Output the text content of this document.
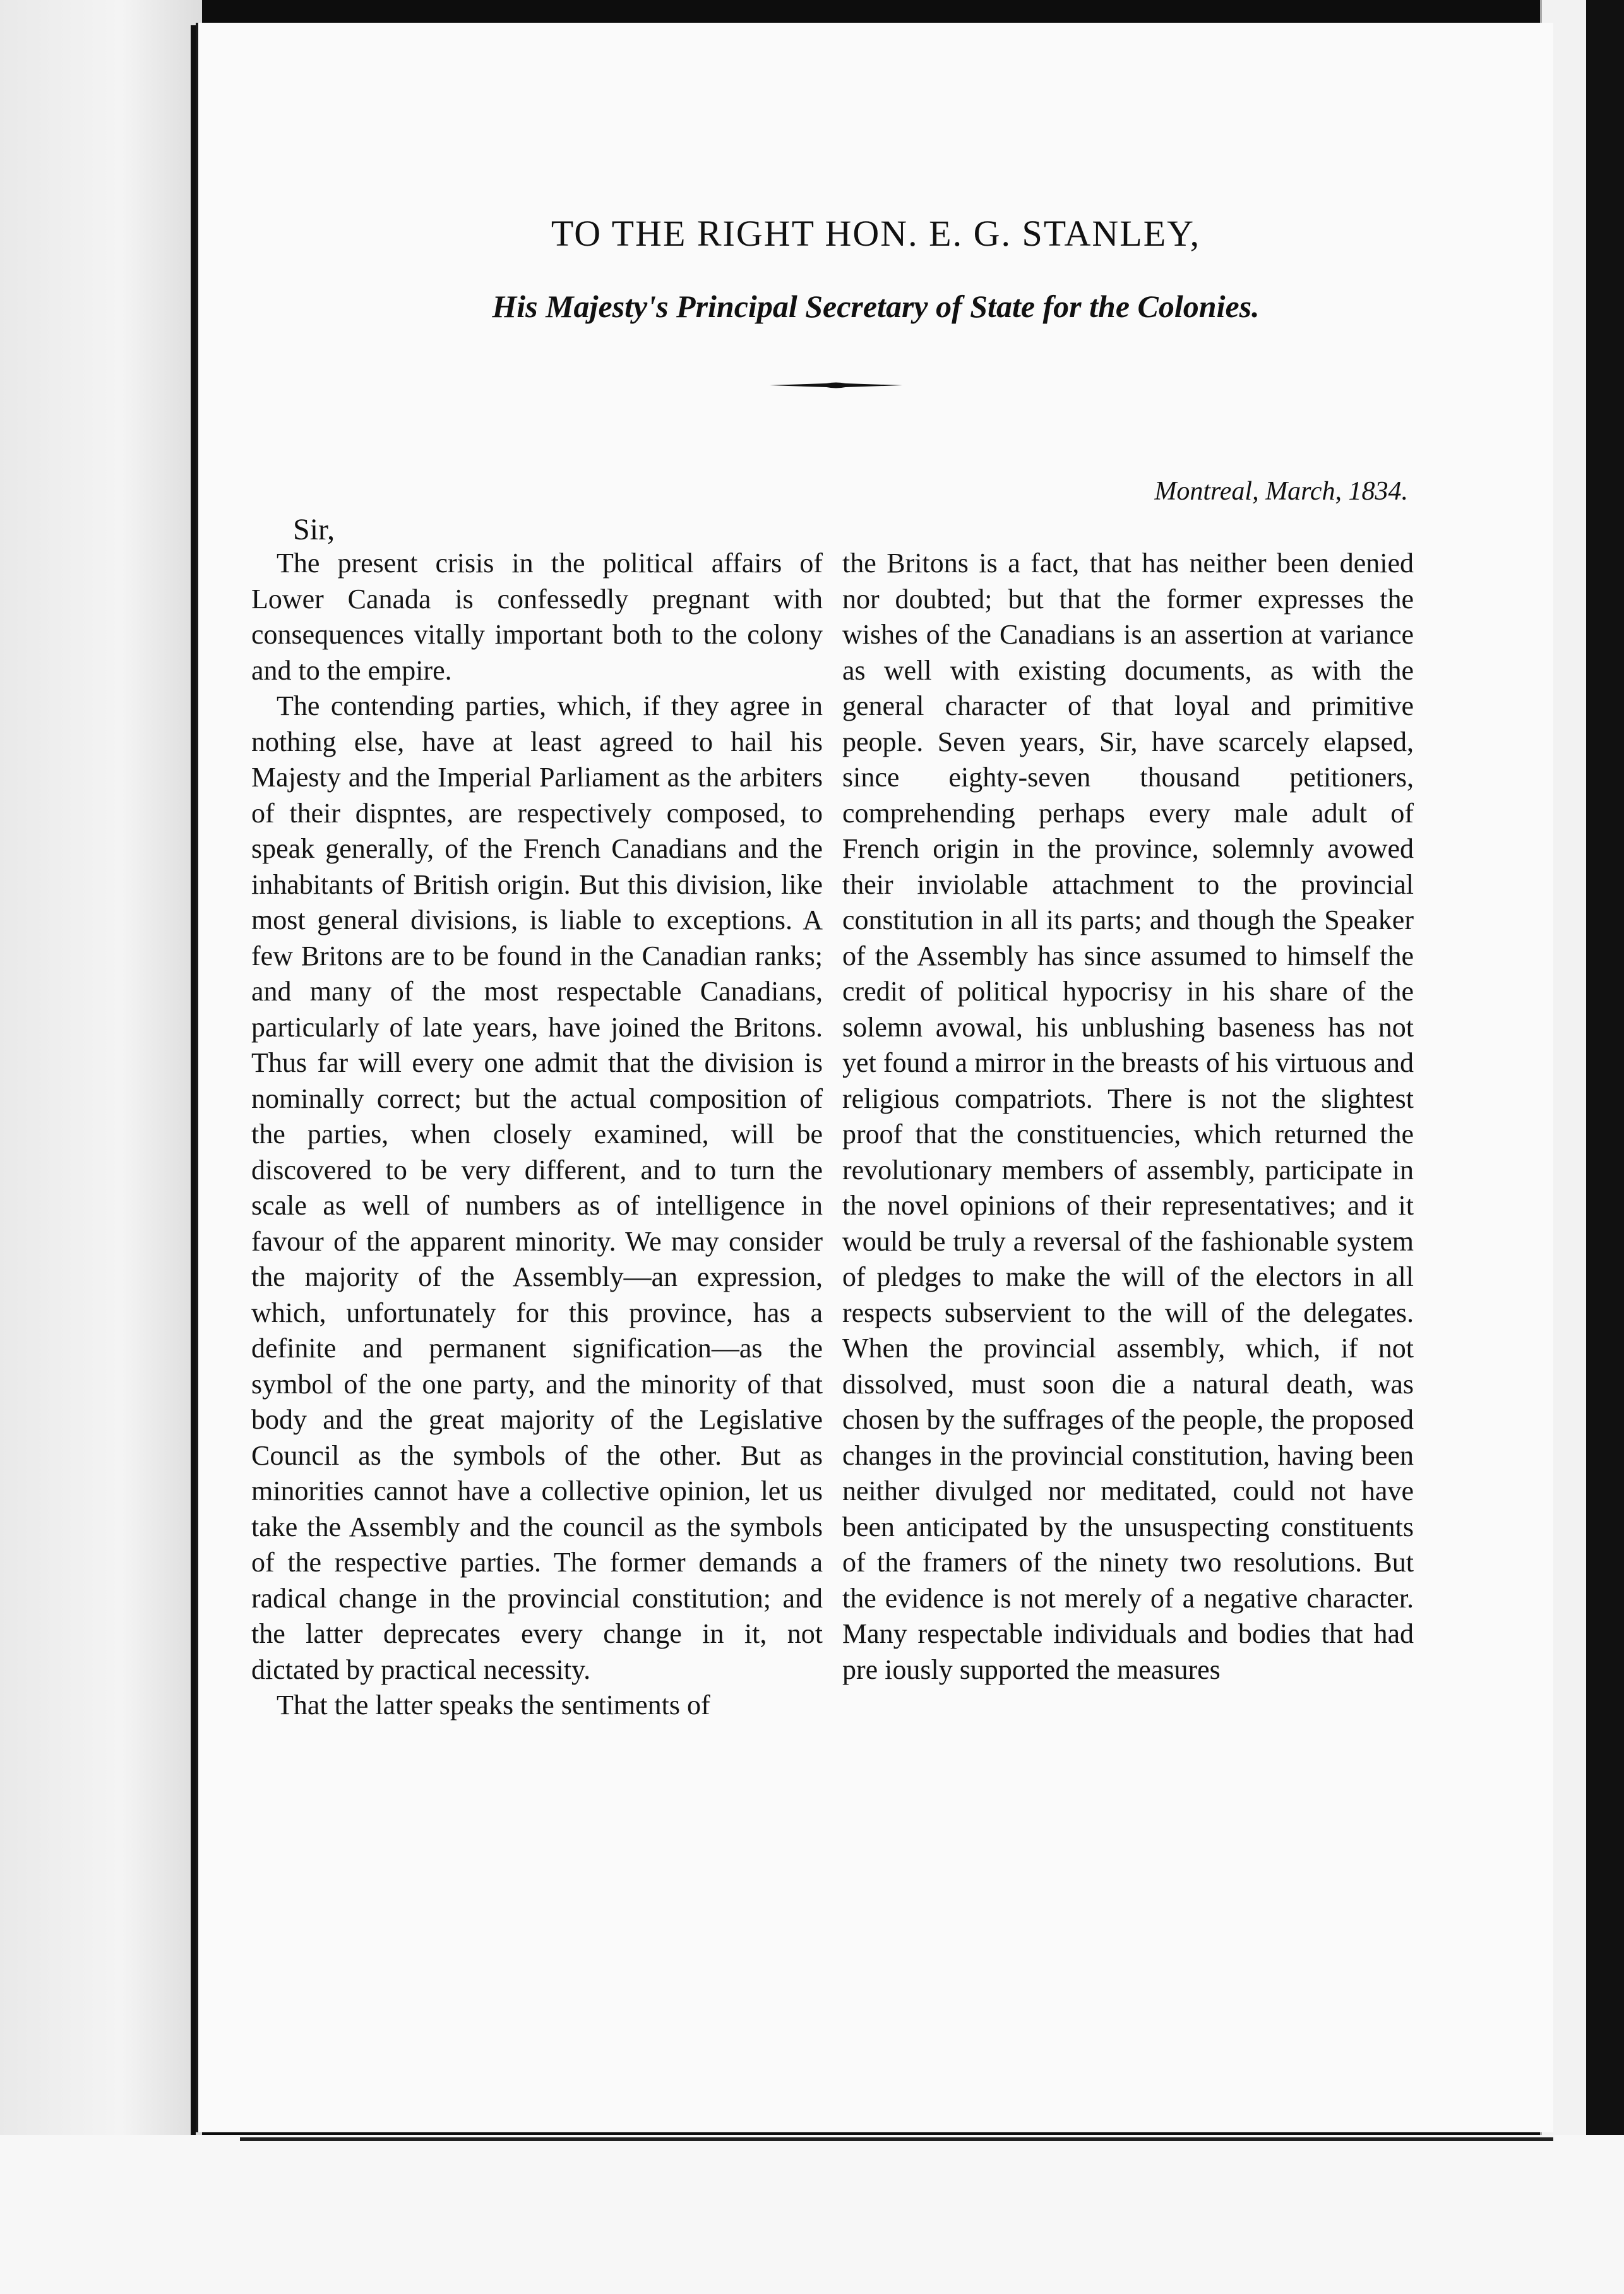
TO THE RIGHT HON. E. G. STANLEY,
His Majesty's Principal Secretary of State for the Colonies.
Montreal, March, 1834.
Sir,

The present crisis in the political affairs of Lower Canada is confessedly pregnant with consequences vitally important both to the colony and to the empire.

The contending parties, which, if they agree in nothing else, have at least agreed to hail his Majesty and the Imperial Parliament as the arbiters of their dispntes, are respectively composed, to speak generally, of the French Canadians and the inhabitants of British origin. But this division, like most general divisions, is liable to exceptions. A few Britons are to be found in the Canadian ranks; and many of the most respectable Canadians, particularly of late years, have joined the Britons. Thus far will every one admit that the division is nominally correct; but the actual composition of the parties, when closely examined, will be discovered to be very different, and to turn the scale as well of numbers as of intelligence in favour of the apparent minority. We may consider the majority of the Assembly—an expression, which, unfortunately for this province, has a definite and permanent signification—as the symbol of the one party, and the minority of that body and the great majority of the Legislative Council as the symbols of the other. But as minorities cannot have a collective opinion, let us take the Assembly and the council as the symbols of the respective parties. The former demands a radical change in the provincial constitution; and the latter deprecates every change in it, not dictated by practical necessity.

That the latter speaks the sentiments of

the Britons is a fact, that has neither been denied nor doubted; but that the former expresses the wishes of the Canadians is an assertion at variance as well with existing documents, as with the general character of that loyal and primitive people. Seven years, Sir, have scarcely elapsed, since eighty-seven thousand petitioners, comprehending perhaps every male adult of French origin in the province, solemnly avowed their inviolable attachment to the provincial constitution in all its parts; and though the Speaker of the Assembly has since assumed to himself the credit of political hypocrisy in his share of the solemn avowal, his unblushing baseness has not yet found a mirror in the breasts of his virtuous and religious compatriots. There is not the slightest proof that the constituencies, which returned the revolutionary members of assembly, participate in the novel opinions of their representatives; and it would be truly a reversal of the fashionable system of pledges to make the will of the electors in all respects subservient to the will of the delegates. When the provincial assembly, which, if not dissolved, must soon die a natural death, was chosen by the suffrages of the people, the proposed changes in the provincial constitution, having been neither divulged nor meditated, could not have been anticipated by the unsuspecting constituents of the framers of the ninety two resolutions. But the evidence is not merely of a negative character. Many respectable individuals and bodies that had pre iously supported the measures
